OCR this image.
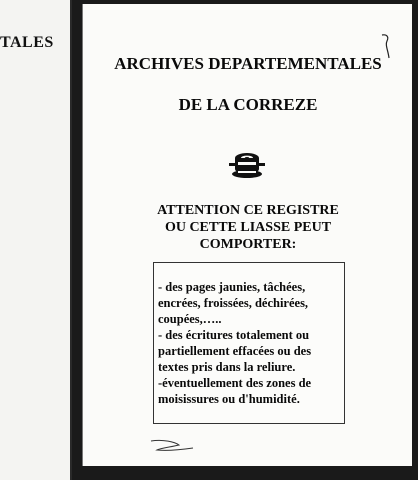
TALES
ARCHIVES DEPARTEMENTALES
DE LA CORREZE
ATTENTION CE REGISTRE
OU CETTE LIASSE PEUT
COMPORTER:
- des pages jaunies, tâchées,
encrées, froissées, déchirées,
coupées,…..
- des écritures totalement ou
partiellement effacées ou des
textes pris dans la reliure.
-éventuellement des zones de
moisissures ou d'humidité.
